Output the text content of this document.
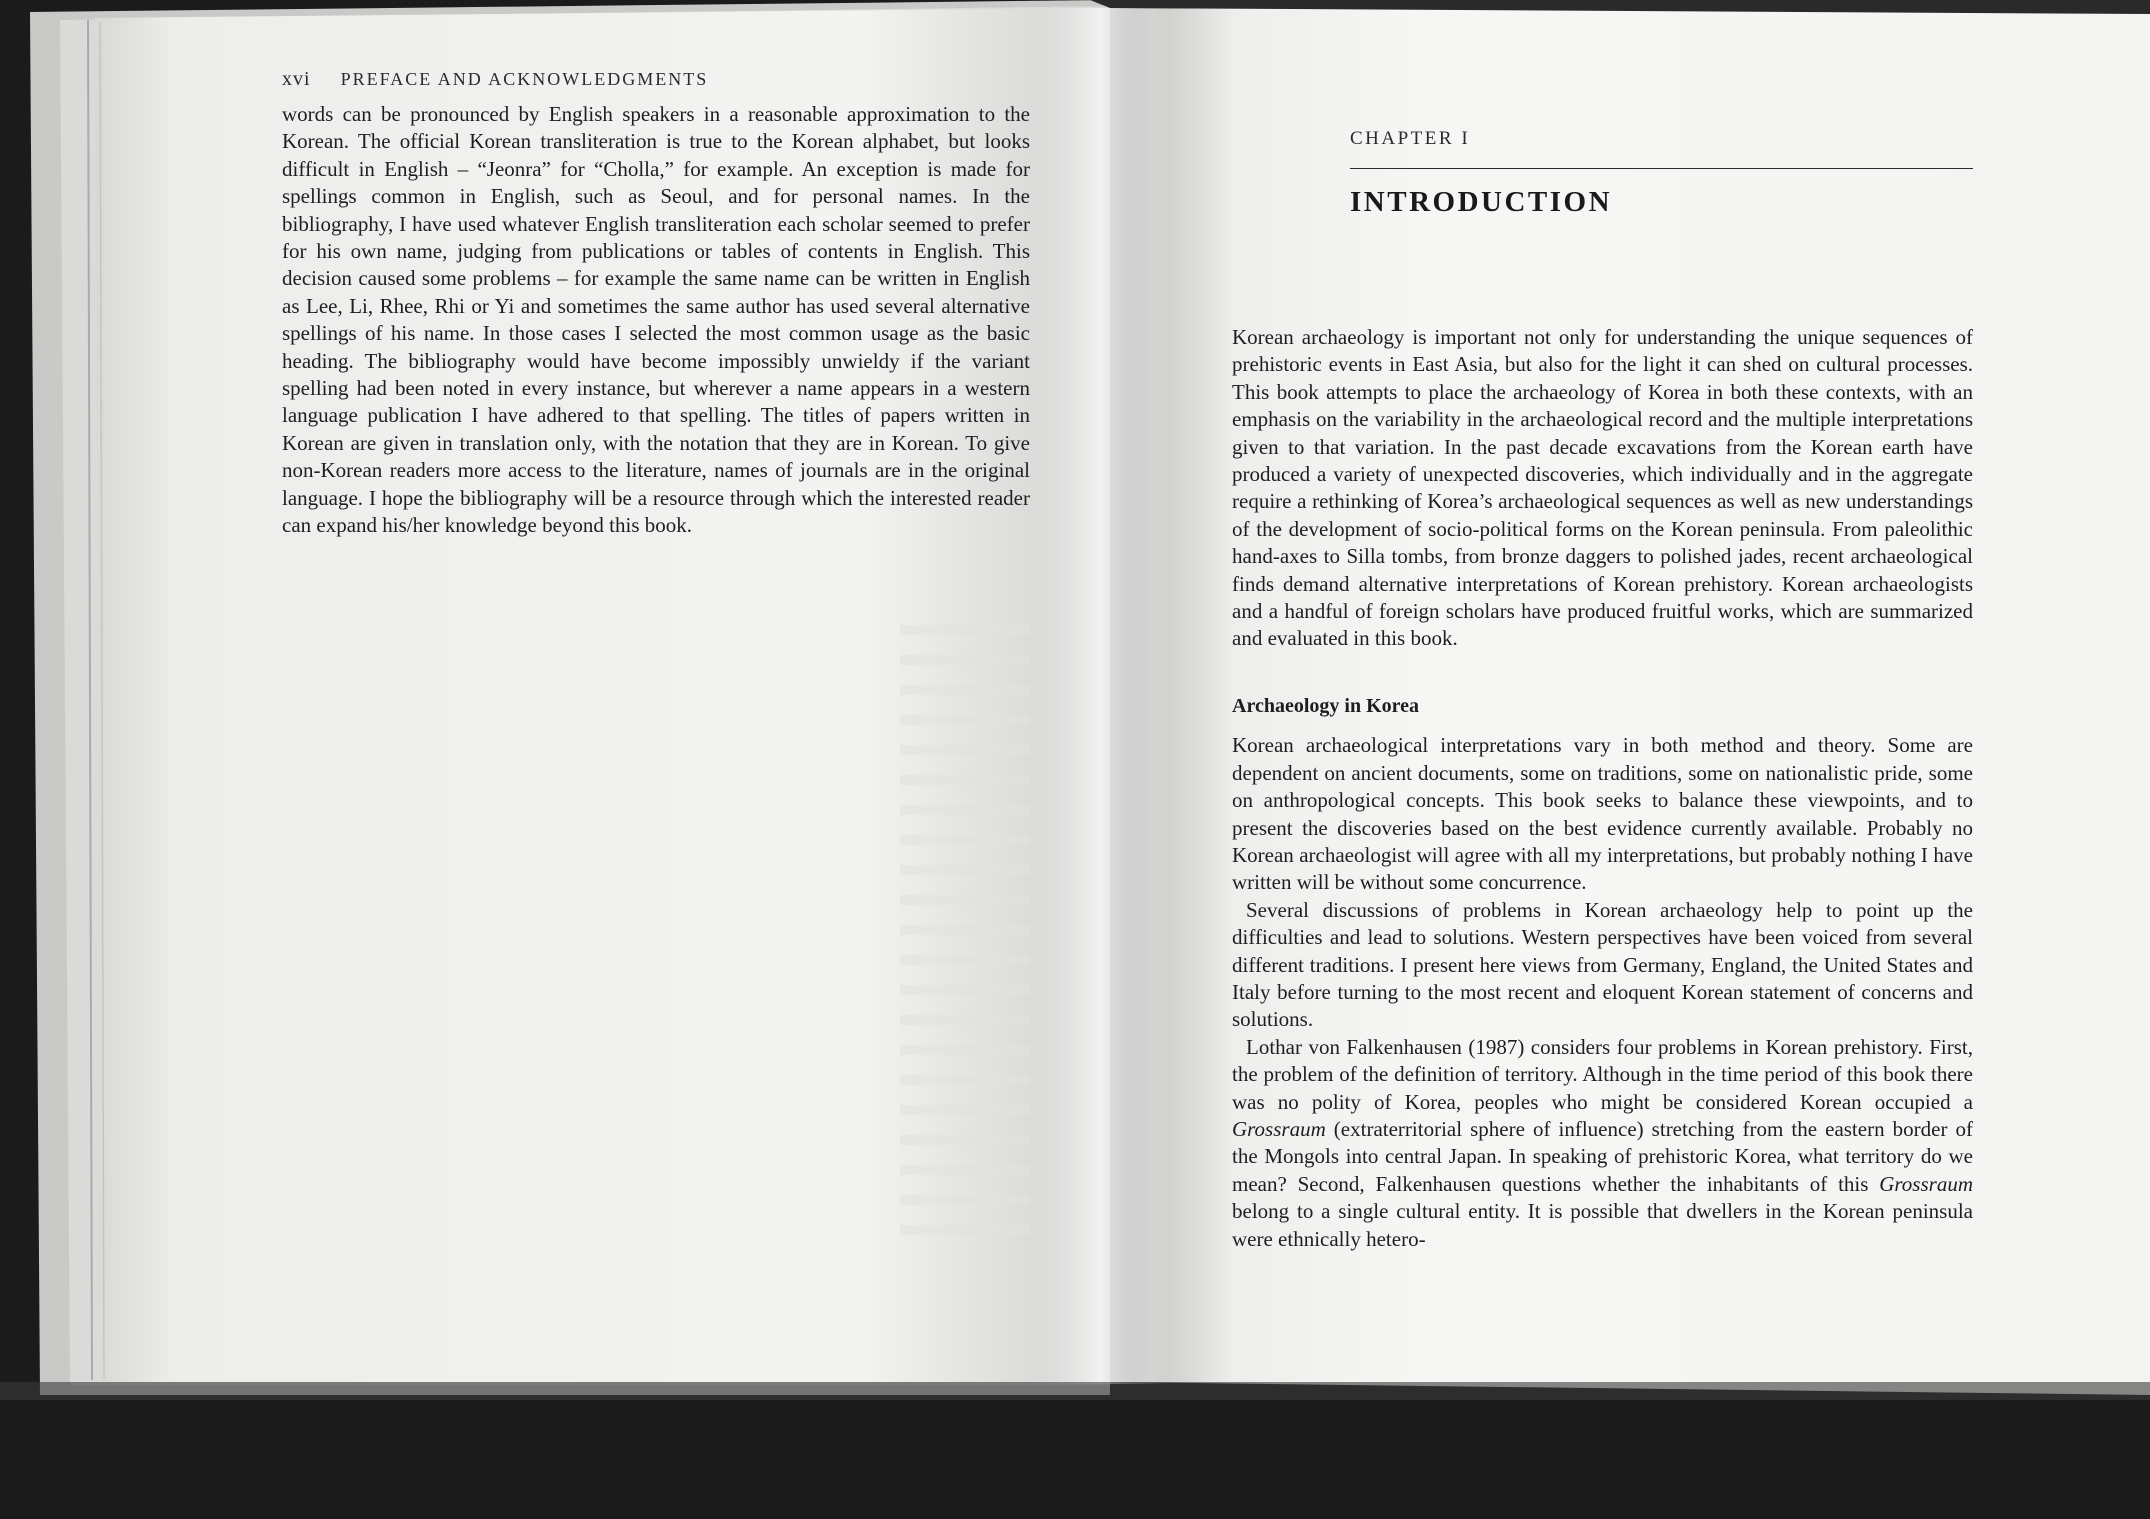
xvi PREFACE AND ACKNOWLEDGMENTS

words can be pronounced by English speakers in a reasonable approximation to the Korean. The official Korean transliteration is true to the Korean alphabet, but looks difficult in English – “Jeonra” for “Cholla,” for example. An exception is made for spellings common in English, such as Seoul, and for personal names. In the bibliography, I have used whatever English transliteration each scholar seemed to prefer for his own name, judging from publications or tables of contents in English. This decision caused some problems – for example the same name can be written in English as Lee, Li, Rhee, Rhi or Yi and sometimes the same author has used several alternative spellings of his name. In those cases I selected the most common usage as the basic heading. The bibliography would have become impossibly unwieldy if the variant spelling had been noted in every instance, but wherever a name appears in a western language publication I have adhered to that spelling. The titles of papers written in Korean are given in translation only, with the notation that they are in Korean. To give non-Korean readers more access to the literature, names of journals are in the original language. I hope the bibliography will be a resource through which the interested reader can expand his/her knowledge beyond this book.

CHAPTER I
INTRODUCTION

Korean archaeology is important not only for understanding the unique sequences of prehistoric events in East Asia, but also for the light it can shed on cultural processes. This book attempts to place the archaeology of Korea in both these contexts, with an emphasis on the variability in the archaeological record and the multiple interpretations given to that variation. In the past decade excavations from the Korean earth have produced a variety of unexpected discoveries, which individually and in the aggregate require a rethinking of Korea’s archaeological sequences as well as new understandings of the development of socio-political forms on the Korean peninsula. From paleolithic hand-axes to Silla tombs, from bronze daggers to polished jades, recent archaeological finds demand alternative interpretations of Korean prehistory. Korean archaeologists and a handful of foreign scholars have produced fruitful works, which are summarized and evaluated in this book.

Archaeology in Korea

Korean archaeological interpretations vary in both method and theory. Some are dependent on ancient documents, some on traditions, some on nationalistic pride, some on anthropological concepts. This book seeks to balance these viewpoints, and to present the discoveries based on the best evidence currently available. Probably no Korean archaeologist will agree with all my interpretations, but probably nothing I have written will be without some concurrence.

Several discussions of problems in Korean archaeology help to point up the difficulties and lead to solutions. Western perspectives have been voiced from several different traditions. I present here views from Germany, England, the United States and Italy before turning to the most recent and eloquent Korean statement of concerns and solutions.

Lothar von Falkenhausen (1987) considers four problems in Korean prehistory. First, the problem of the definition of territory. Although in the time period of this book there was no polity of Korea, peoples who might be considered Korean occupied a Grossraum (extraterritorial sphere of influence) stretching from the eastern border of the Mongols into central Japan. In speaking of prehistoric Korea, what territory do we mean? Second, Falkenhausen questions whether the inhabitants of this Grossraum belong to a single cultural entity. It is possible that dwellers in the Korean peninsula were ethnically hetero-
